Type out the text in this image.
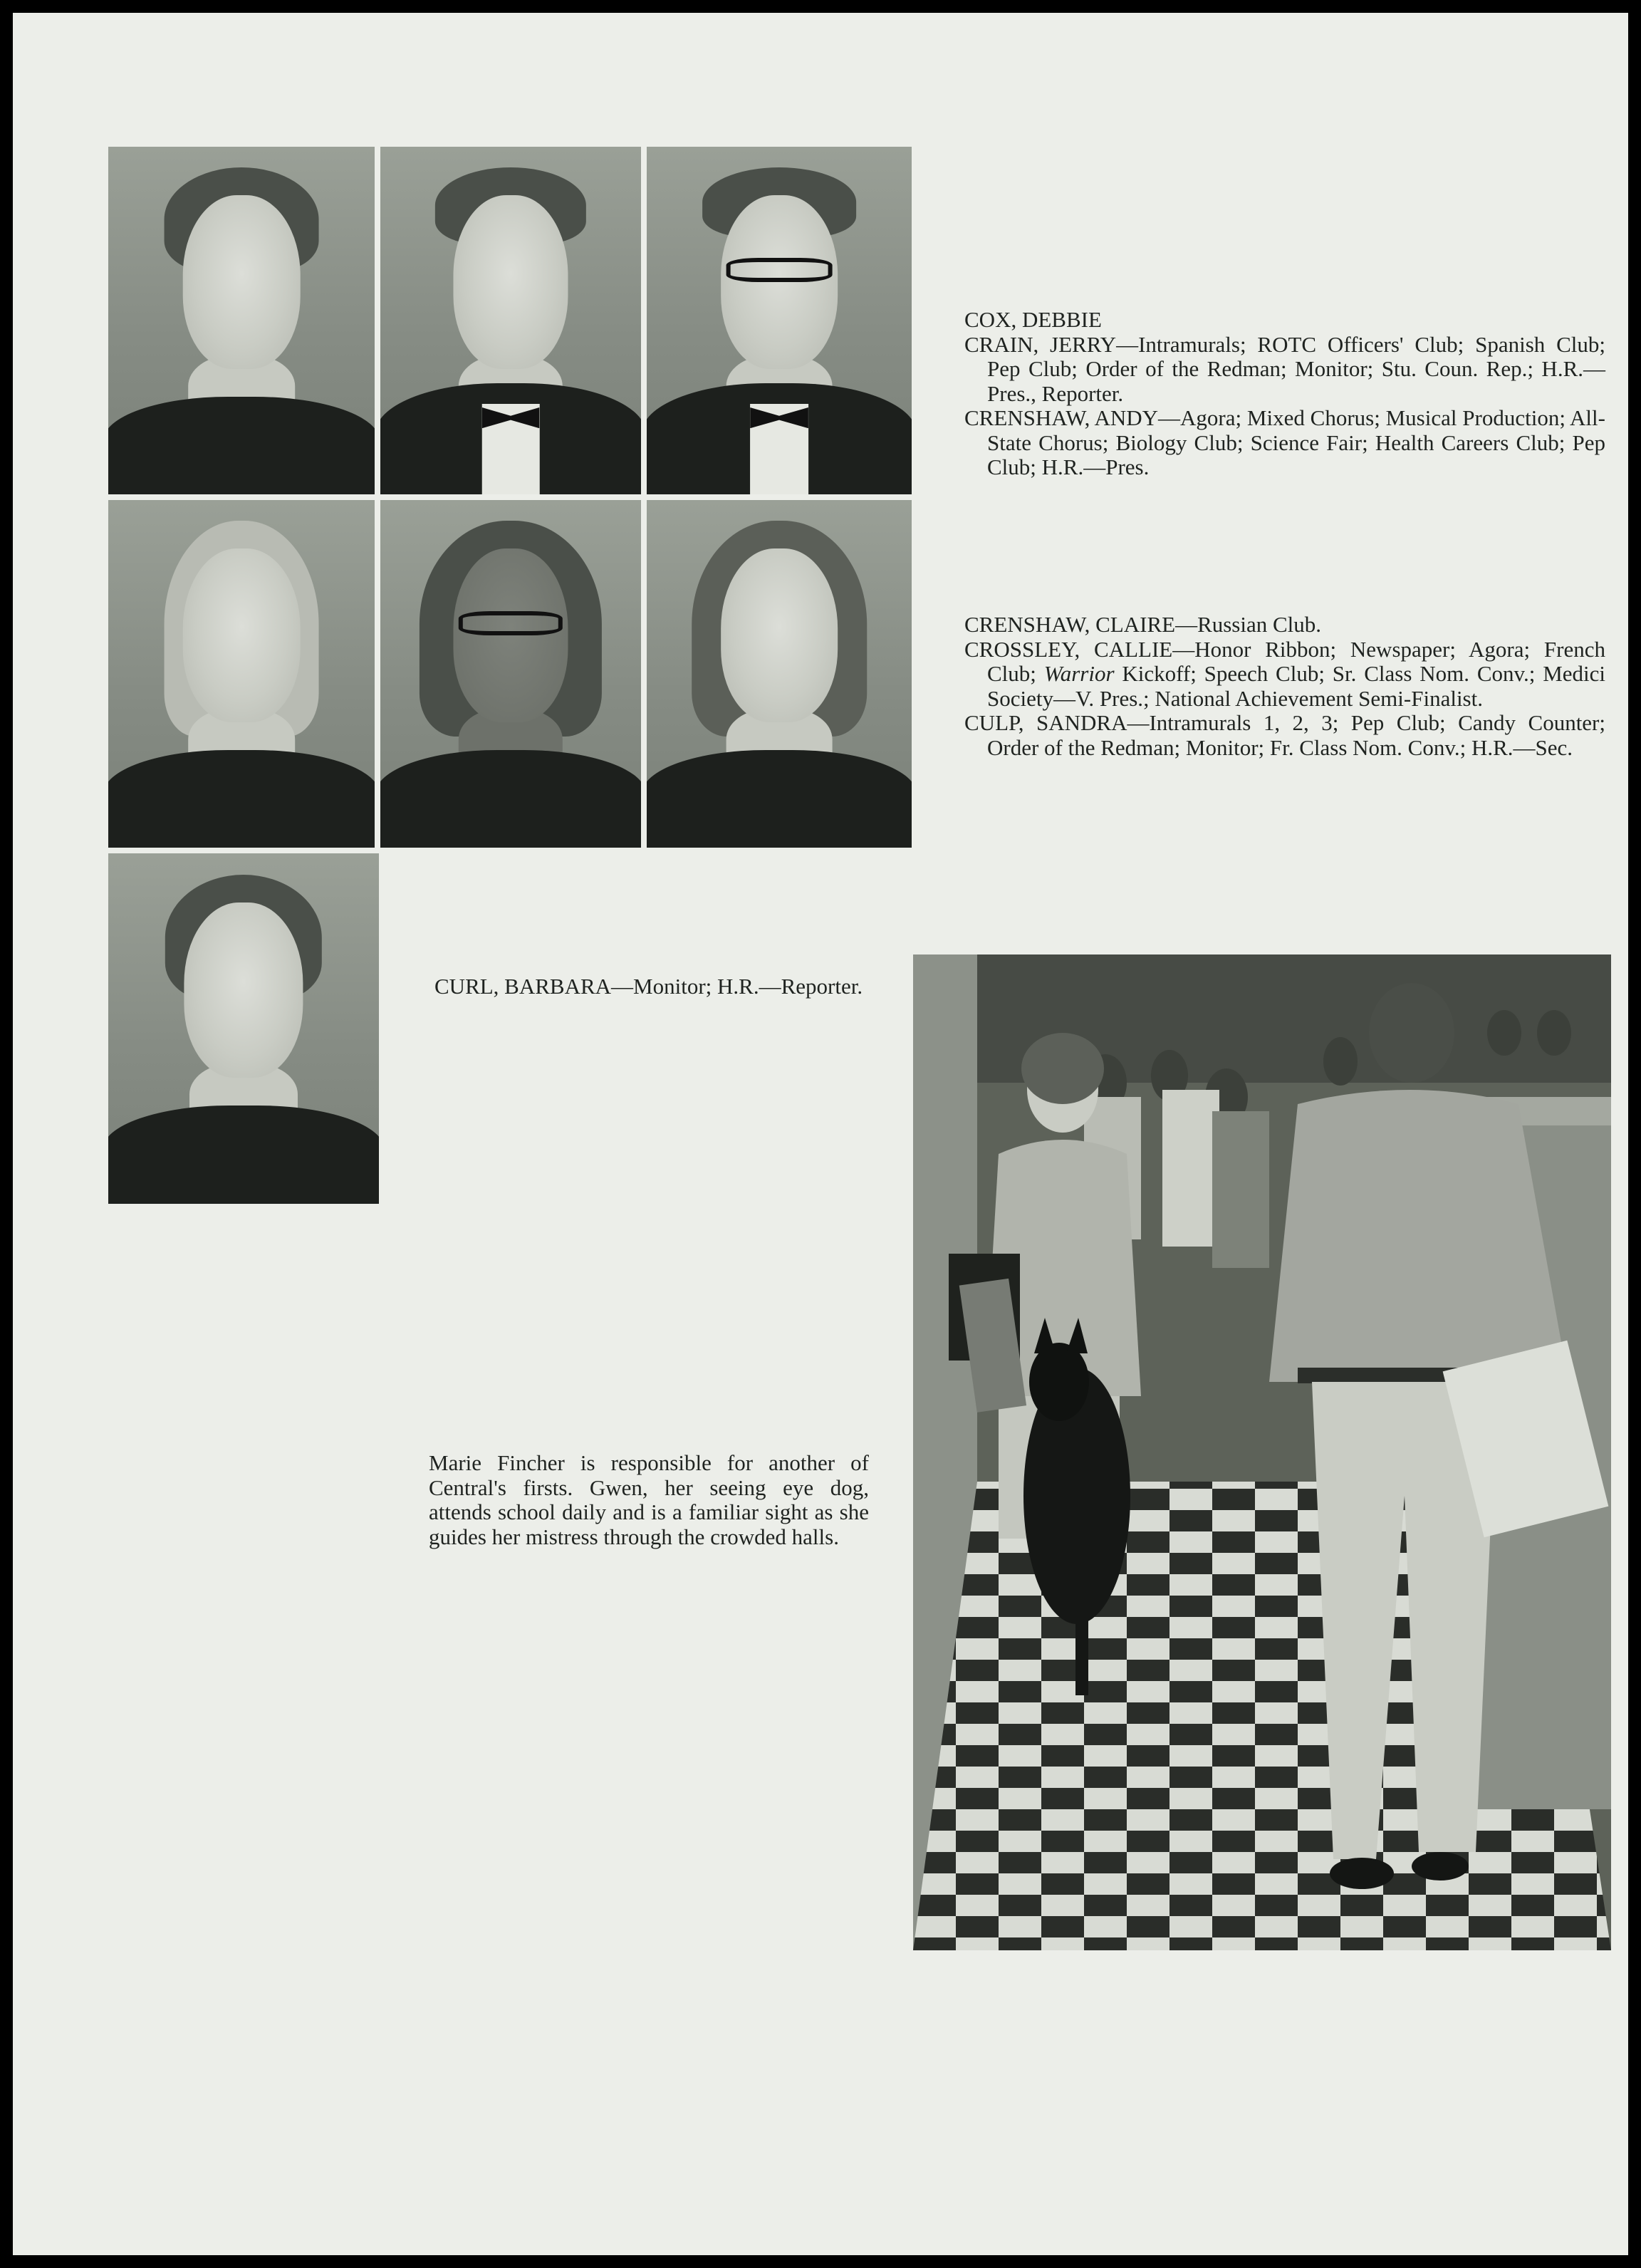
COX, DEBBIE

CRAIN, JERRY—Intramurals; ROTC Officers' Club; Spanish Club; Pep Club; Order of the Redman; Monitor; Stu. Coun. Rep.; H.R.—Pres., Reporter.

CRENSHAW, ANDY—Agora; Mixed Chorus; Musical Production; All-State Chorus; Biology Club; Science Fair; Health Careers Club; Pep Club; H.R.—Pres.

CRENSHAW, CLAIRE—Russian Club.

CROSSLEY, CALLIE—Honor Ribbon; Newspaper; Agora; French Club; Warrior Kickoff; Speech Club; Sr. Class Nom. Conv.; Medici Society—V. Pres.; National Achievement Semi-Finalist.

CULP, SANDRA—Intramurals 1, 2, 3; Pep Club; Candy Counter; Order of the Redman; Monitor; Fr. Class Nom. Conv.; H.R.—Sec.

CURL, BARBARA—Monitor; H.R.—Reporter.

Marie Fincher is responsible for another of Central's firsts. Gwen, her seeing eye dog, attends school daily and is a familiar sight as she guides her mistress through the crowded halls.
